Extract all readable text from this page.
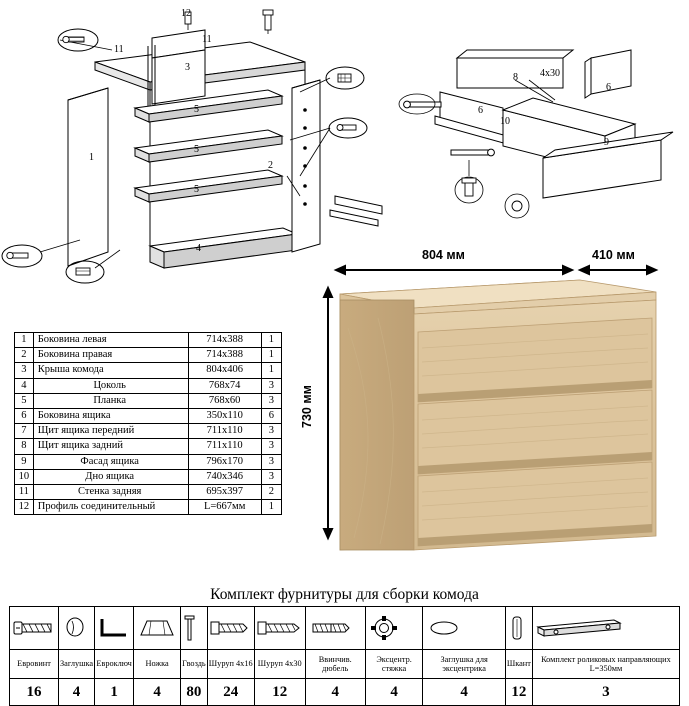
12
11
11
3
5
5
5
1
2
4
8 4x30
6
6
10
9
804 мм	410 мм
730 мм
1	Боковина левая	714х388	1
2	Боковина правая	714х388	1
3	Крыша комода	804х406	1
4	Цоколь	768х74	3
5	Планка	768х60	3
6	Боковина ящика	350х110	6
7	Щит ящика передний	711х110	3
8	Щит ящика задний	711х110	3
9	Фасад ящика	796х170	3
10	Дно ящика	740х346	3
11	Стенка задняя	695х397	2
12	Профиль соединительный	L=667мм	1
Комплект фурнитуры для сборки комода

Евровинт	Заглушка	Евроключ	Ножка	Гвоздь	Шуруп 4х16	Шуруп 4х30	Ввинчив. дюбель	Эксцентр. стяжка	Заглушка для эксцентрика	Шкант	Комплект роликовых направляющих L=350мм
16	4	1	4	80	24	12	4	4	4	12	3
